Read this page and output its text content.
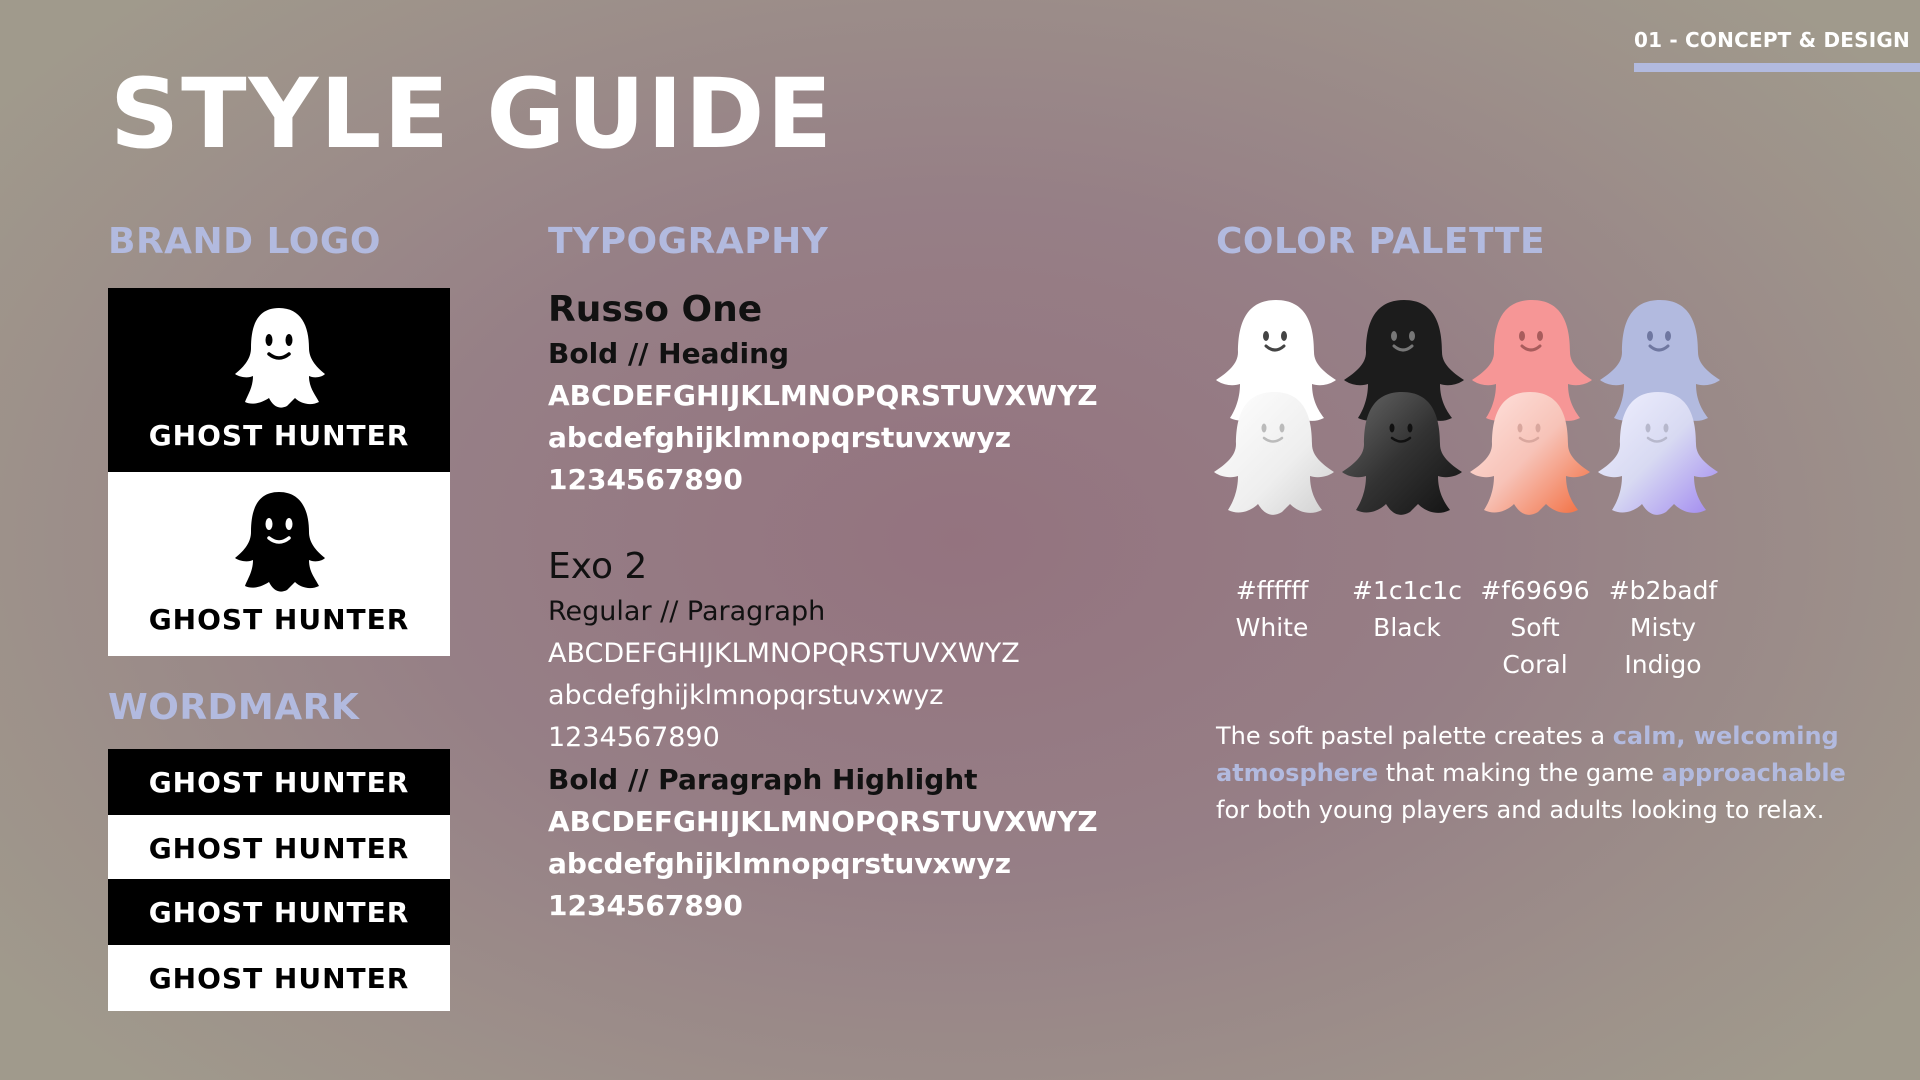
01 - CONCEPT & DESIGN
STYLE GUIDE
BRAND LOGO
GHOST HUNTER
GHOST HUNTER
WORDMARK
GHOST HUNTER
GHOST HUNTER
GHOST HUNTER
GHOST HUNTER
TYPOGRAPHY
Russo One
Bold // Heading
ABCDEFGHIJKLMNOPQRSTUVXWYZ
abcdefghijklmnopqrstuvxwyz
1234567890
Exo 2
Regular // Paragraph
ABCDEFGHIJKLMNOPQRSTUVXWYZ
abcdefghijklmnopqrstuvxwyz
1234567890
Bold // Paragraph Highlight
ABCDEFGHIJKLMNOPQRSTUVXWYZ
abcdefghijklmnopqrstuvxwyz
1234567890
COLOR PALETTE
#ffffff
White
#1c1c1c
Black
#f69696
Soft
Coral
#b2badf
Misty
Indigo
The soft pastel palette creates a calm, welcoming atmosphere that making the game approachable for both young players and adults looking to relax.
